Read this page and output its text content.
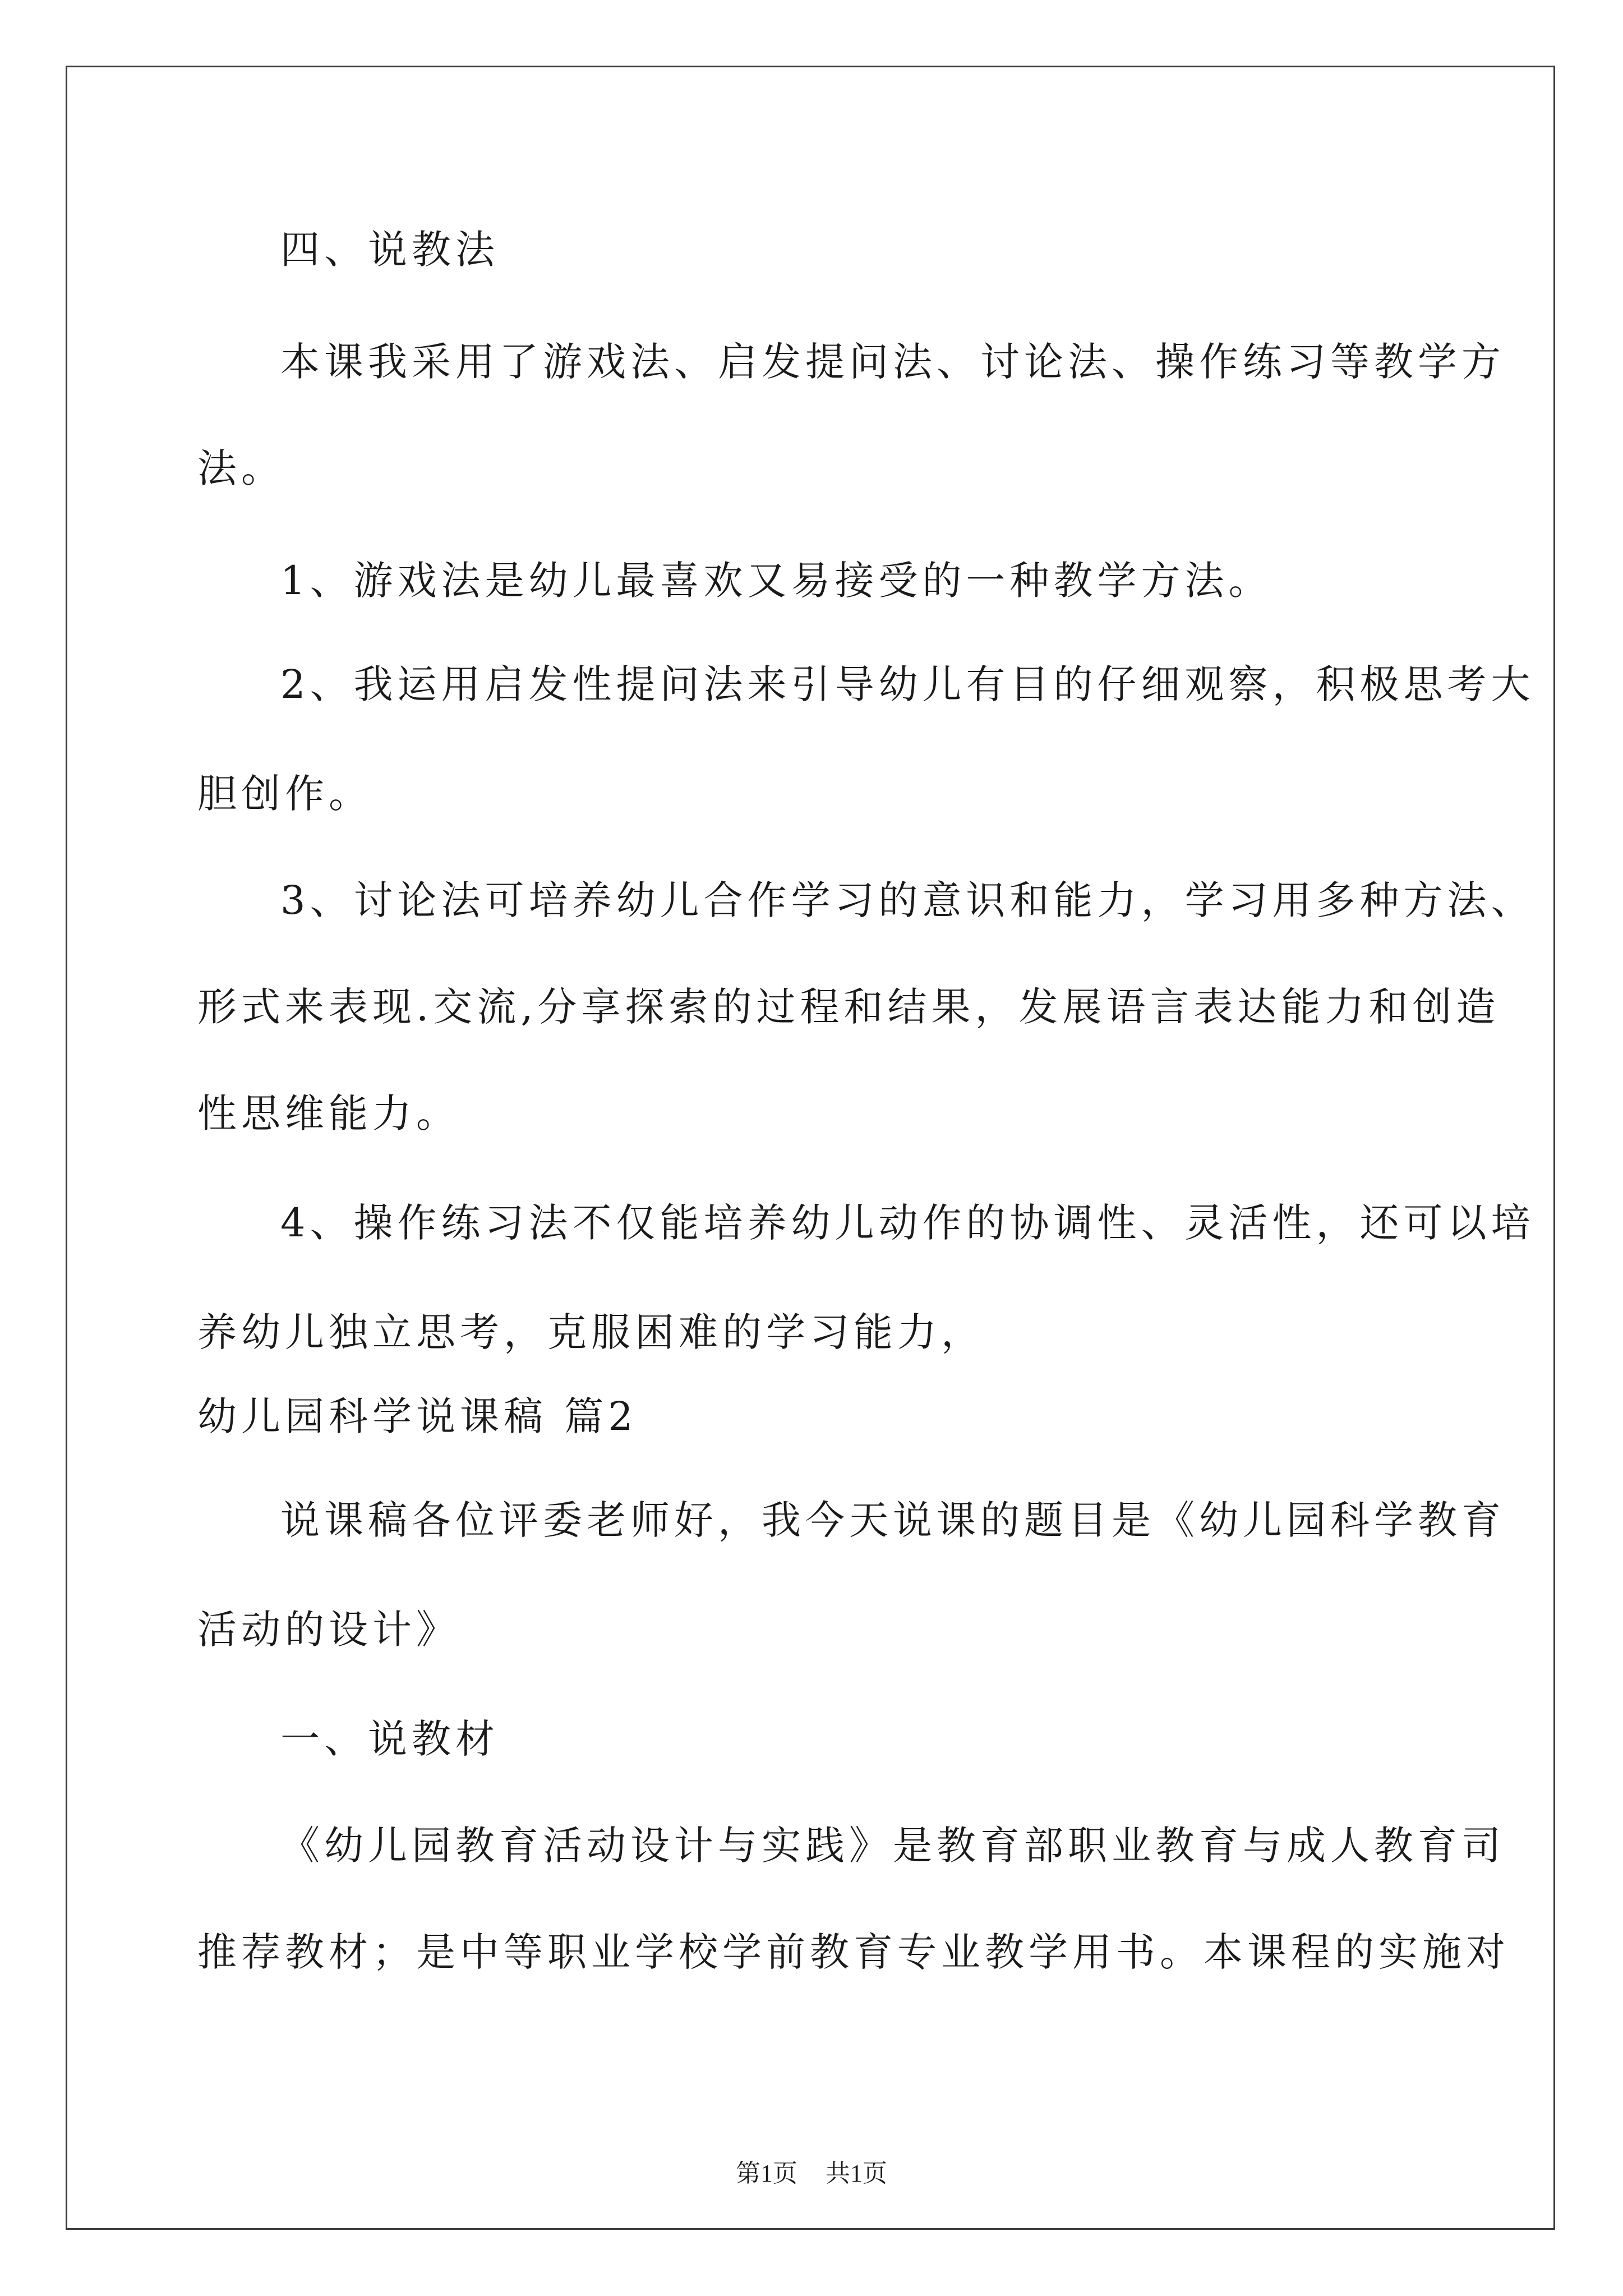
四、说教法
本课我采用了游戏法、启发提问法、讨论法、操作练习等教学方
法。
1、游戏法是幼儿最喜欢又易接受的一种教学方法。
2、我运用启发性提问法来引导幼儿有目的仔细观察，积极思考大
胆创作。
3、讨论法可培养幼儿合作学习的意识和能力，学习用多种方法、
形式来表现.交流,分享探索的过程和结果，发展语言表达能力和创造
性思维能力。
4、操作练习法不仅能培养幼儿动作的协调性、灵活性，还可以培
养幼儿独立思考，克服困难的学习能力，
幼儿园科学说课稿 篇2
说课稿各位评委老师好，我今天说课的题目是《幼儿园科学教育
活动的设计》
一、说教材
《幼儿园教育活动设计与实践》是教育部职业教育与成人教育司
推荐教材；是中等职业学校学前教育专业教学用书。本课程的实施对
第1页 共1页
